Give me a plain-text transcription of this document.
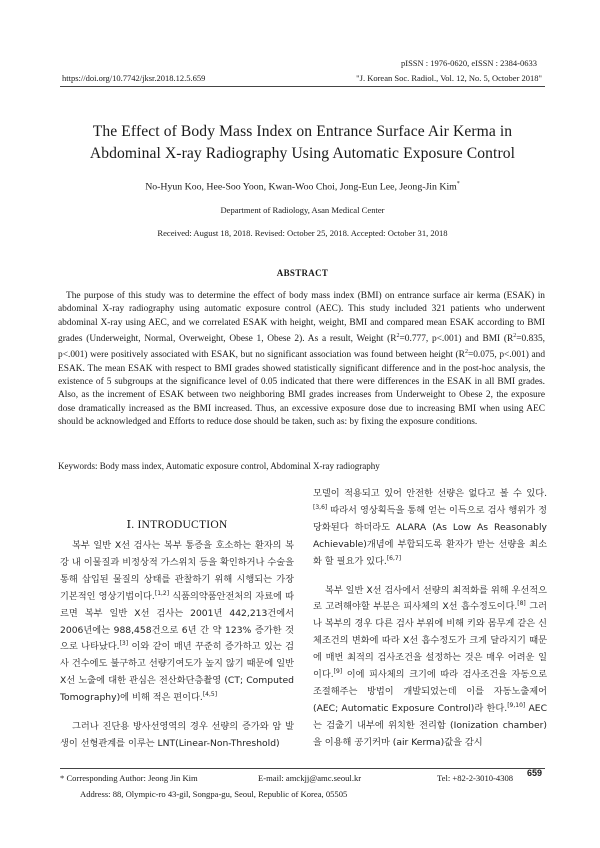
pISSN : 1976-0620, eISSN : 2384-0633
https://doi.org/10.7742/jksr.2018.12.5.659	"J. Korean Soc. Radiol., Vol. 12, No. 5, October 2018"
The Effect of Body Mass Index on Entrance Surface Air Kerma in
Abdominal X-ray Radiography Using Automatic Exposure Control
No-Hyun Koo, Hee-Soo Yoon, Kwan-Woo Choi, Jong-Eun Lee, Jeong-Jin Kim*
Department of Radiology, Asan Medical Center
Received: August 18, 2018. Revised: October 25, 2018. Accepted: October 31, 2018
ABSTRACT
The purpose of this study was to determine the effect of body mass index (BMI) on entrance surface air kerma (ESAK) in abdominal X-ray radiography using automatic exposure control (AEC). This study included 321 patients who underwent abdominal X-ray using AEC, and we correlated ESAK with height, weight, BMI and compared mean ESAK according to BMI grades (Underweight, Normal, Overweight, Obese 1, Obese 2). As a result, Weight ($R^2=0.777$, p<.001) and BMI ($R^2=0.835$, p<.001) were positively associated with ESAK, but no significant association was found between height ($R^2=0.075$, p<.001) and ESAK. The mean ESAK with respect to BMI grades showed statistically significant difference and in the post-hoc analysis, the existence of 5 subgroups at the significance level of 0.05 indicated that there were differences in the ESAK in all BMI grades. Also, as the increment of ESAK between two neighboring BMI grades increases from Underweight to Obese 2, the exposure dose dramatically increased as the BMI increased. Thus, an excessive exposure dose due to increasing BMI when using AEC should be acknowledged and Efforts to reduce dose should be taken, such as: by fixing the exposure conditions.
Keywords: Body mass index, Automatic exposure control, Abdominal X-ray radiography
Ⅰ. INTRODUCTION

복부 일반 X선 검사는 복부 통증을 호소하는 환자의 복강 내 이물질과 비정상적 가스위치 등을 확인하거나 수술을 통해 삽입된 물질의 상태를 관찰하기 위해 시행되는 가장 기본적인 영상기법이다.[1,2] 식품의약품안전처의 자료에 따르면 복부 일반 X선 검사는 2001년 442,213건에서 2006년에는 988,458건으로 6년 간 약 123% 증가한 것으로 나타났다.[3] 이와 같이 매년 꾸준히 증가하고 있는 검사 건수에도 불구하고 선량기여도가 높지 않기 때문에 일반 X선 노출에 대한 관심은 전산화단층촬영 (CT; Computed Tomography)에 비해 적은 편이다.[4,5]

그러나 진단용 방사선영역의 경우 선량의 증가와 암 발생이 선형관계를 이루는 LNT(Linear-Non-Threshold)

모델이 적용되고 있어 안전한 선량은 없다고 볼 수 있다.[3,6] 따라서 영상획득을 통해 얻는 이득으로 검사 행위가 정당화된다 하더라도 ALARA (As Low As Reasonably Achievable)개념에 부합되도록 환자가 받는 선량을 최소화 할 필요가 있다.[6,7]

복부 일반 X선 검사에서 선량의 최적화를 위해 우선적으로 고려해야할 부분은 피사체의 X선 흡수정도이다.[8] 그러나 복부의 경우 다른 검사 부위에 비해 키와 몸무게 같은 신체조건의 변화에 따라 X선 흡수정도가 크게 달라지기 때문에 매번 최적의 검사조건을 설정하는 것은 매우 어려운 일이다.[9] 이에 피사체의 크기에 따라 검사조건을 자동으로 조절해주는 방법이 개발되었는데 이를 자동노출제어 (AEC; Automatic Exposure Control)라 한다.[9,10] AEC는 검출기 내부에 위치한 전리함 (Ionization chamber)을 이용해 공기커마 (air Kerma)값을 감시

659
* Corresponding Author: Jeong Jin Kim	E-mail: amckjj@amc.seoul.kr	Tel: +82-2-3010-4308
Address: 88, Olympic-ro 43-gil, Songpa-gu, Seoul, Republic of Korea, 05505
